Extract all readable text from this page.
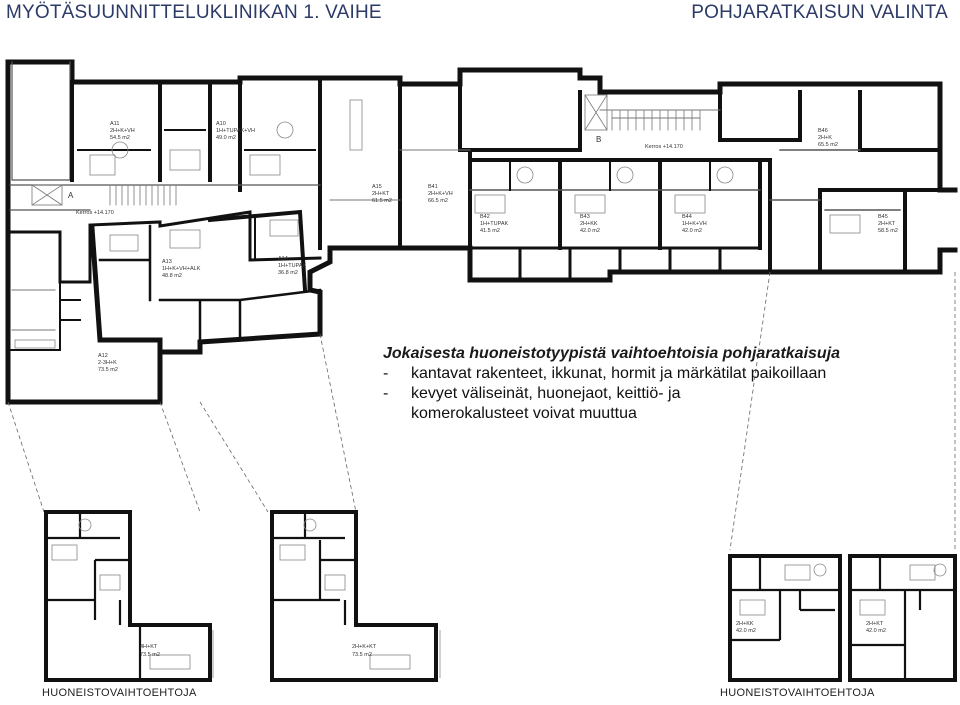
MYÖTÄSUUNNITTELUKLINIKAN 1. VAIHE	POHJARATKAISUN VALINTA
A11
2H+K+VH
54.5 m2
A10
1H+TUPAK+VH
49.0 m2
A15
2H+KT
61.5 m2
B41
2H+K+VH
66.5 m2
B42
1H+TUPAK
41.5 m2
B43
2H+KK
42.0 m2
B44
1H+K+VH
42.0 m2
B45
2H+KT
58.5 m2
B46
2H+K
65.5 m2
A13
1H+K+VH+ALK
48.8 m2
A14
1H+TUPAK
36.8 m2
A12
2-3H+K
73.5 m2
Kerros +14.170
Kerros +14.170
A
B
4H+KT
73.5 m2
2H+K+KT
73.5 m2
2H+KK
42.0 m2
2H+KT
42.0 m2
Jokaisesta huoneistotyypistä vaihtoehtoisia pohjaratkaisuja
-	kantavat rakenteet, ikkunat, hormit ja märkätilat paikoillaan
-	kevyet väliseinät, huonejaot, keittiö- ja komerokalusteet voivat muuttua
HUONEISTOVAIHTOEHTOJA	HUONEISTOVAIHTOEHTOJA
